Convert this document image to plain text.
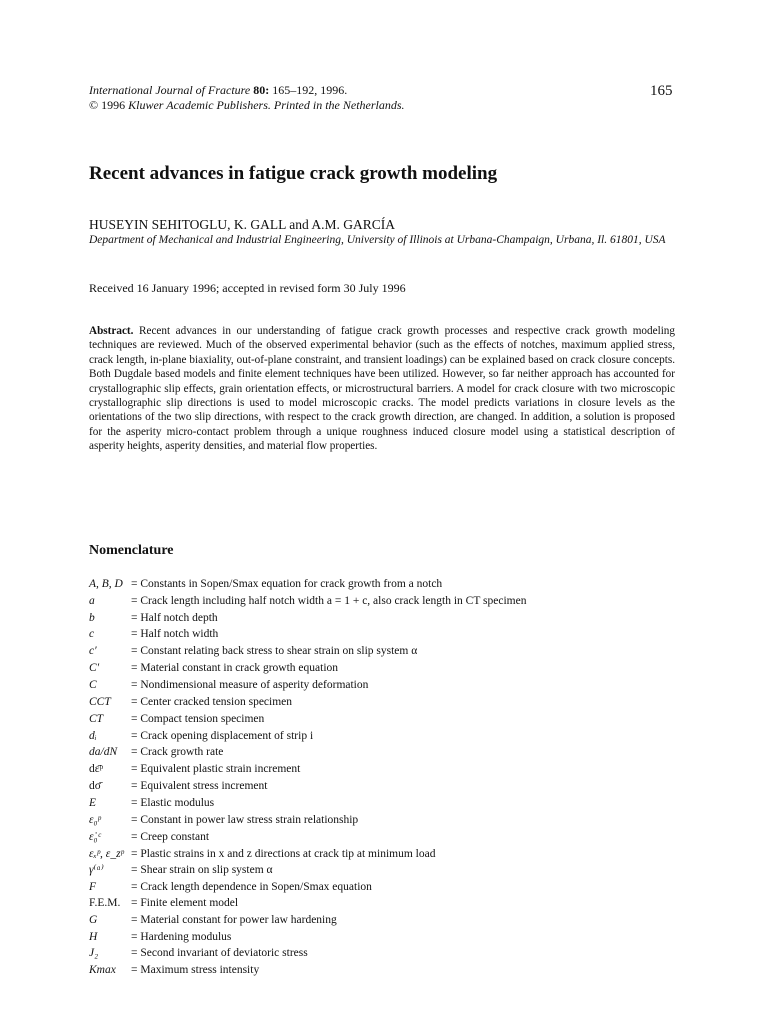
International Journal of Fracture 80: 165–192, 1996.
© 1996 Kluwer Academic Publishers. Printed in the Netherlands.
165
Recent advances in fatigue crack growth modeling
HUSEYIN SEHITOGLU, K. GALL and A.M. GARCÍA
Department of Mechanical and Industrial Engineering, University of Illinois at Urbana-Champaign, Urbana, Il. 61801, USA
Received 16 January 1996; accepted in revised form 30 July 1996
Abstract. Recent advances in our understanding of fatigue crack growth processes and respective crack growth modeling techniques are reviewed. Much of the observed experimental behavior (such as the effects of notches, maximum applied stress, crack length, in-plane biaxiality, out-of-plane constraint, and transient loadings) can be explained based on crack closure concepts. Both Dugdale based models and finite element techniques have been utilized. However, so far neither approach has accounted for crystallographic slip effects, grain orientation effects, or microstructural barriers. A model for crack closure with two microscopic crystallographic slip directions is used to model microscopic cracks. The model predicts variations in closure levels as the orientations of the two slip directions, with respect to the crack growth direction, are changed. In addition, a solution is proposed for the asperity micro-contact problem through a unique roughness induced closure model using a statistical description of asperity heights, asperity densities, and material flow properties.
Nomenclature
A, B, D = Constants in Sopen/Smax equation for crack growth from a notch
a	= Crack length including half notch width a = 1 + c, also crack length in CT specimen
b	= Half notch depth
c	= Half notch width
c′	= Constant relating back stress to shear strain on slip system α
C′	= Material constant in crack growth equation
C	= Nondimensional measure of asperity deformation
CCT = Center cracked tension specimen
CT = Compact tension specimen
dᵢ	= Crack opening displacement of strip i
da/dN = Crack growth rate
dε̄ᵖ = Equivalent plastic strain increment
dσ̄	= Equivalent stress increment
E	= Elastic modulus
ε₀ᵖ	= Constant in power law stress strain relationship
ε̇₀ᶜ	= Creep constant
εₓᵖ, ε_zᵖ = Plastic strains in x and z directions at crack tip at minimum load
γ⁽ᵅ⁾ = Shear strain on slip system α
F	= Crack length dependence in Sopen/Smax equation
F.E.M. = Finite element model
G	= Material constant for power law hardening
H	= Hardening modulus
J₂	= Second invariant of deviatoric stress
Kmax = Maximum stress intensity
